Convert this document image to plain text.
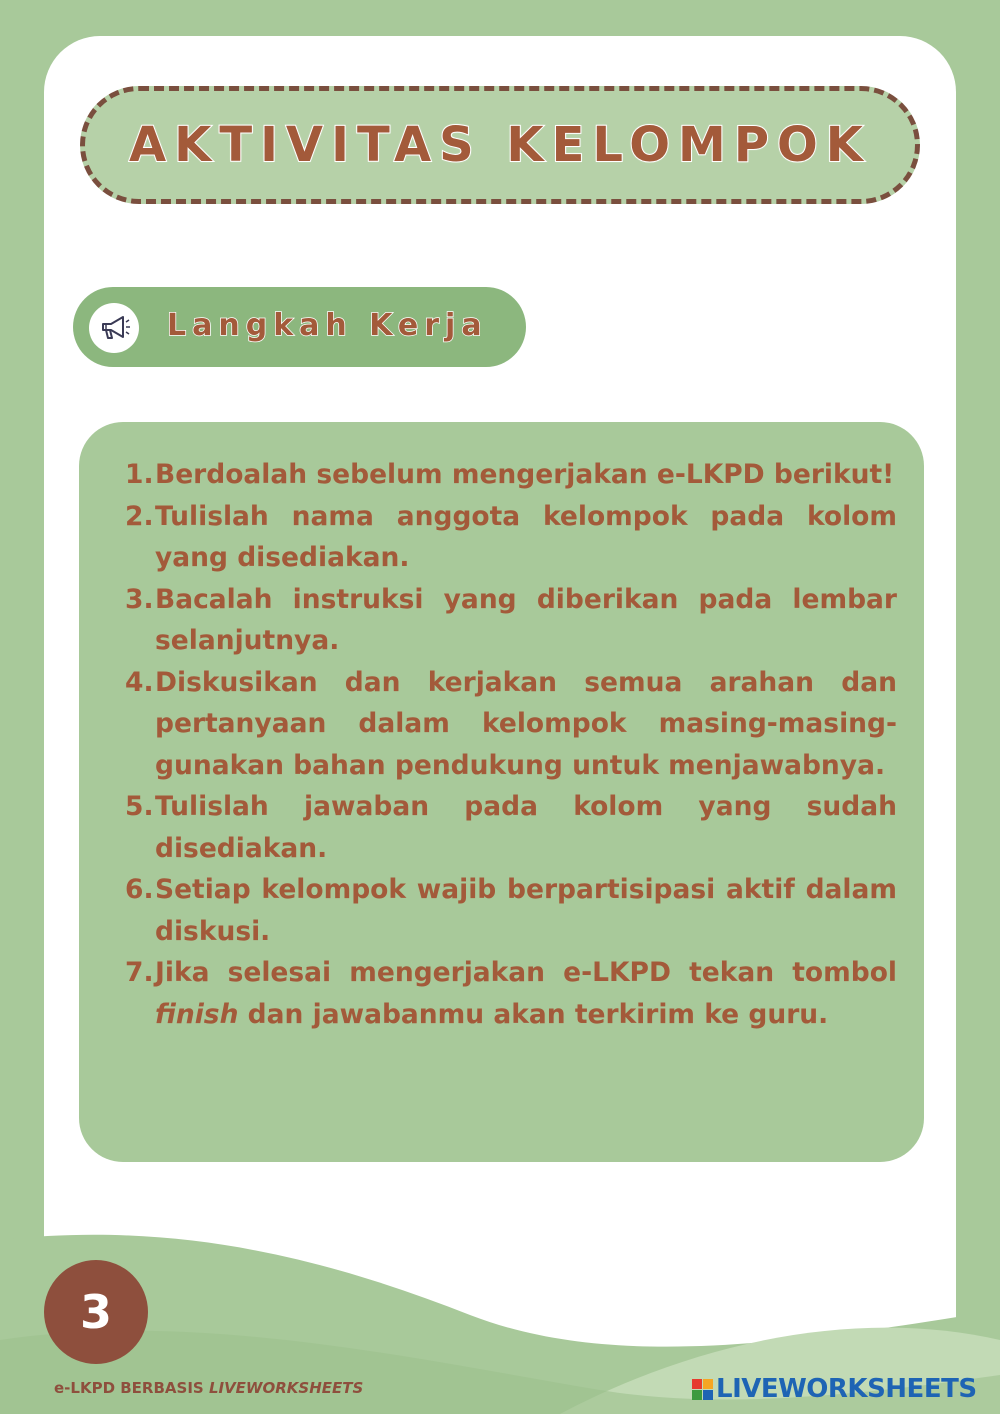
AKTIVITAS KELOMPOK
Langkah Kerja
1. Berdoalah sebelum mengerjakan e-LKPD berikut!
2. Tulislah nama anggota kelompok pada kolom yang disediakan.
3. Bacalah instruksi yang diberikan pada lembar selanjutnya.
4. Diskusikan dan kerjakan semua arahan dan pertanyaan dalam kelompok masing-masing- gunakan bahan pendukung untuk menjawabnya.
5. Tulislah jawaban pada kolom yang sudah disediakan.
6. Setiap kelompok wajib berpartisipasi aktif dalam diskusi.
7. Jika selesai mengerjakan e-LKPD tekan tombol finish dan jawabanmu akan terkirim ke guru.
3
e-LKPD BERBASIS LIVEWORKSHEETS	LIVEWORKSHEETS
